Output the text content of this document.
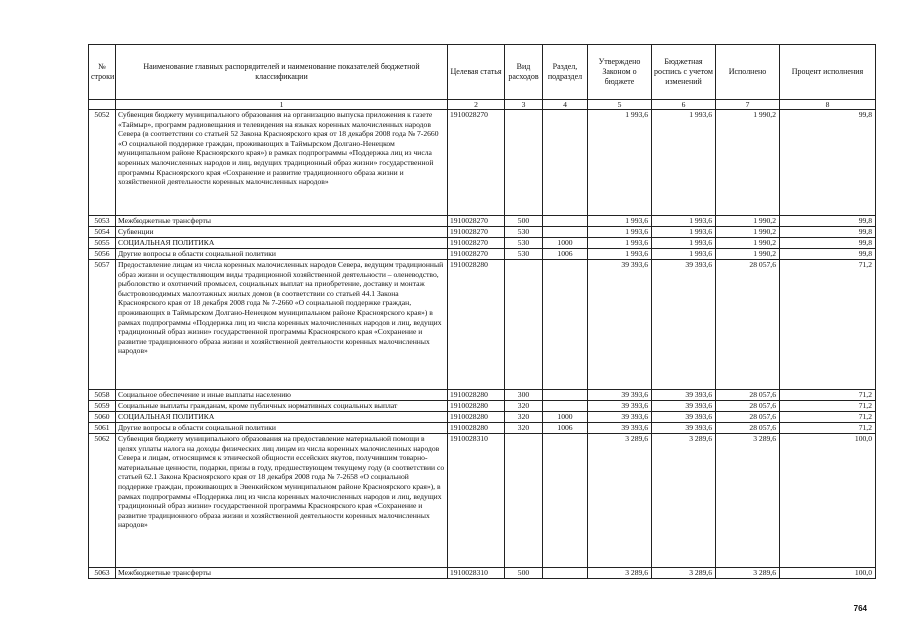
№ строки	Наименование главных распорядителей и наименование показателей бюджетной классификации	Целевая статья	Вид расходов	Раздел, подраздел	Утверждено Законом о бюджете	Бюджетная роспись с учетом изменений	Исполнено	Процент исполнения
	1	2	3	4	5	6	7	8
5052	Субвенция бюджету муниципального образования на организацию выпуска приложения к газете «Таймыр», программ радиовещания и телевидения на языках коренных малочисленных народов Севера (в соответствии со статьей 52 Закона Красноярского края от 18 декабря 2008 года № 7-2660 «О социальной поддержке граждан, проживающих в Таймырском Долгано-Ненецком муниципальном районе Красноярского края») в рамках подпрограммы «Поддержка лиц из числа коренных малочисленных народов и лиц, ведущих традиционный образ жизни» государственной программы Красноярского края «Сохранение и развитие традиционного образа жизни и хозяйственной деятельности коренных малочисленных народов»	1910028270			1 993,6	1 993,6	1 990,2	99,8
5053	Межбюджетные трансферты	1910028270	500		1 993,6	1 993,6	1 990,2	99,8
5054	Субвенции	1910028270	530		1 993,6	1 993,6	1 990,2	99,8
5055	СОЦИАЛЬНАЯ ПОЛИТИКА	1910028270	530	1000	1 993,6	1 993,6	1 990,2	99,8
5056	Другие вопросы в области социальной политики	1910028270	530	1006	1 993,6	1 993,6	1 990,2	99,8
5057	Предоставление лицам из числа коренных малочисленных народов Севера, ведущим традиционный образ жизни и осуществляющим виды традиционной хозяйственной деятельности – оленеводство, рыболовство и охотничий промысел, социальных выплат на приобретение, доставку и монтаж быстровозводимых малоэтажных жилых домов (в соответствии со статьей 44.1 Закона Красноярского края от 18 декабря 2008 года № 7-2660 «О социальной поддержке граждан, проживающих в Таймырском Долгано-Ненецком муниципальном районе Красноярского края») в рамках подпрограммы «Поддержка лиц из числа коренных малочисленных народов и лиц, ведущих традиционный образ жизни» государственной программы Красноярского края «Сохранение и развитие традиционного образа жизни и хозяйственной деятельности коренных малочисленных народов»	1910028280			39 393,6	39 393,6	28 057,6	71,2
5058	Социальное обеспечение и иные выплаты населению	1910028280	300		39 393,6	39 393,6	28 057,6	71,2
5059	Социальные выплаты гражданам, кроме публичных нормативных социальных выплат	1910028280	320		39 393,6	39 393,6	28 057,6	71,2
5060	СОЦИАЛЬНАЯ ПОЛИТИКА	1910028280	320	1000	39 393,6	39 393,6	28 057,6	71,2
5061	Другие вопросы в области социальной политики	1910028280	320	1006	39 393,6	39 393,6	28 057,6	71,2
5062	Субвенция бюджету муниципального образования на предоставление материальной помощи в целях уплаты налога на доходы физических лиц лицам из числа коренных малочисленных народов Севера и лицам, относящимся к этнической общности ессейских якутов, получившим товарно-материальные ценности, подарки, призы в году, предшествующем текущему году (в соответствии со статьей 62.1 Закона Красноярского края от 18 декабря 2008 года № 7-2658 «О социальной поддержке граждан, проживающих в Эвенкийском муниципальном районе Красноярского края»), в рамках подпрограммы «Поддержка лиц из числа коренных малочисленных народов и лиц, ведущих традиционный образ жизни» государственной программы Красноярского края «Сохранение и развитие традиционного образа жизни и хозяйственной деятельности коренных малочисленных народов»	1910028310			3 289,6	3 289,6	3 289,6	100,0
5063	Межбюджетные трансферты	1910028310	500		3 289,6	3 289,6	3 289,6	100,0
764
